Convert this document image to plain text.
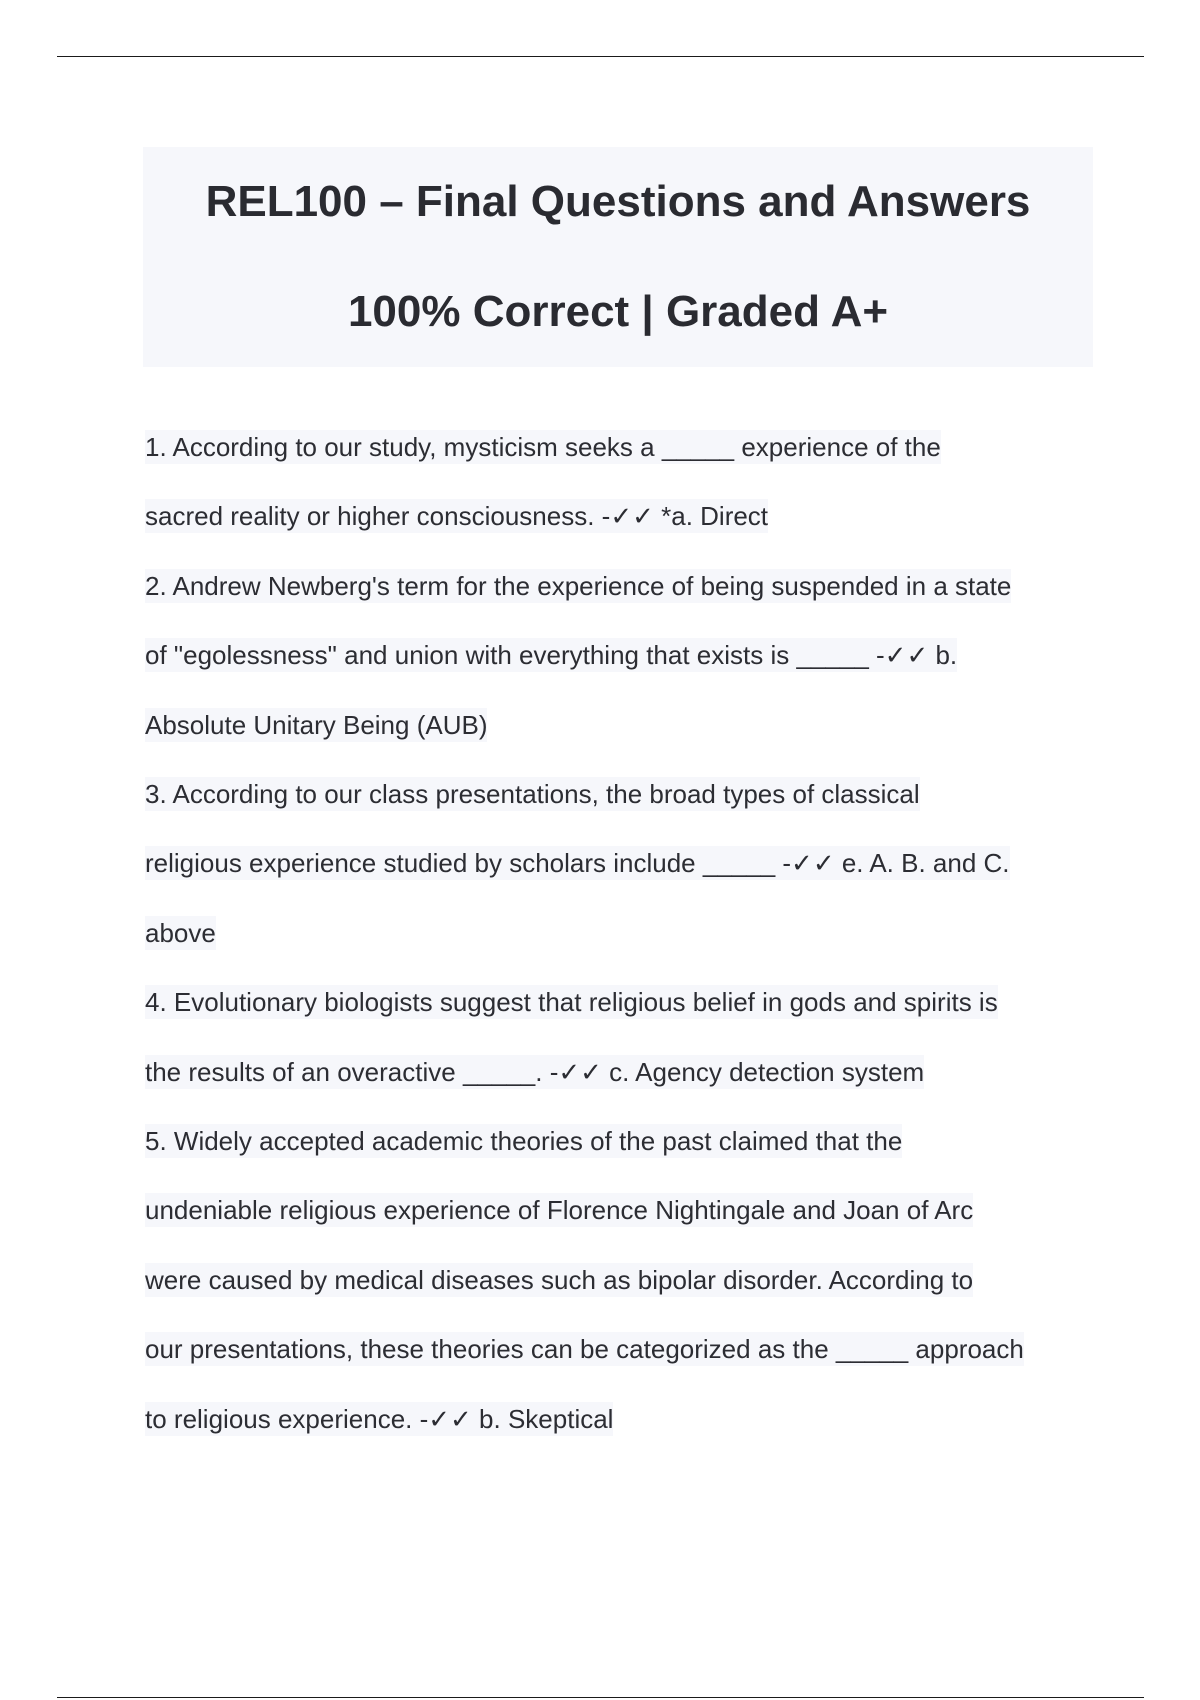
REL100 – Final Questions and Answers
100% Correct | Graded A+
1. According to our study, mysticism seeks a _____ experience of the
sacred reality or higher consciousness. -✓✓ *a. Direct
2. Andrew Newberg's term for the experience of being suspended in a state
of "egolessness" and union with everything that exists is _____ -✓✓ b.
Absolute Unitary Being (AUB)
3. According to our class presentations, the broad types of classical
religious experience studied by scholars include _____ -✓✓ e. A. B. and C.
above
4. Evolutionary biologists suggest that religious belief in gods and spirits is
the results of an overactive _____. -✓✓ c. Agency detection system
5. Widely accepted academic theories of the past claimed that the
undeniable religious experience of Florence Nightingale and Joan of Arc
were caused by medical diseases such as bipolar disorder. According to
our presentations, these theories can be categorized as the _____ approach
to religious experience. -✓✓ b. Skeptical
